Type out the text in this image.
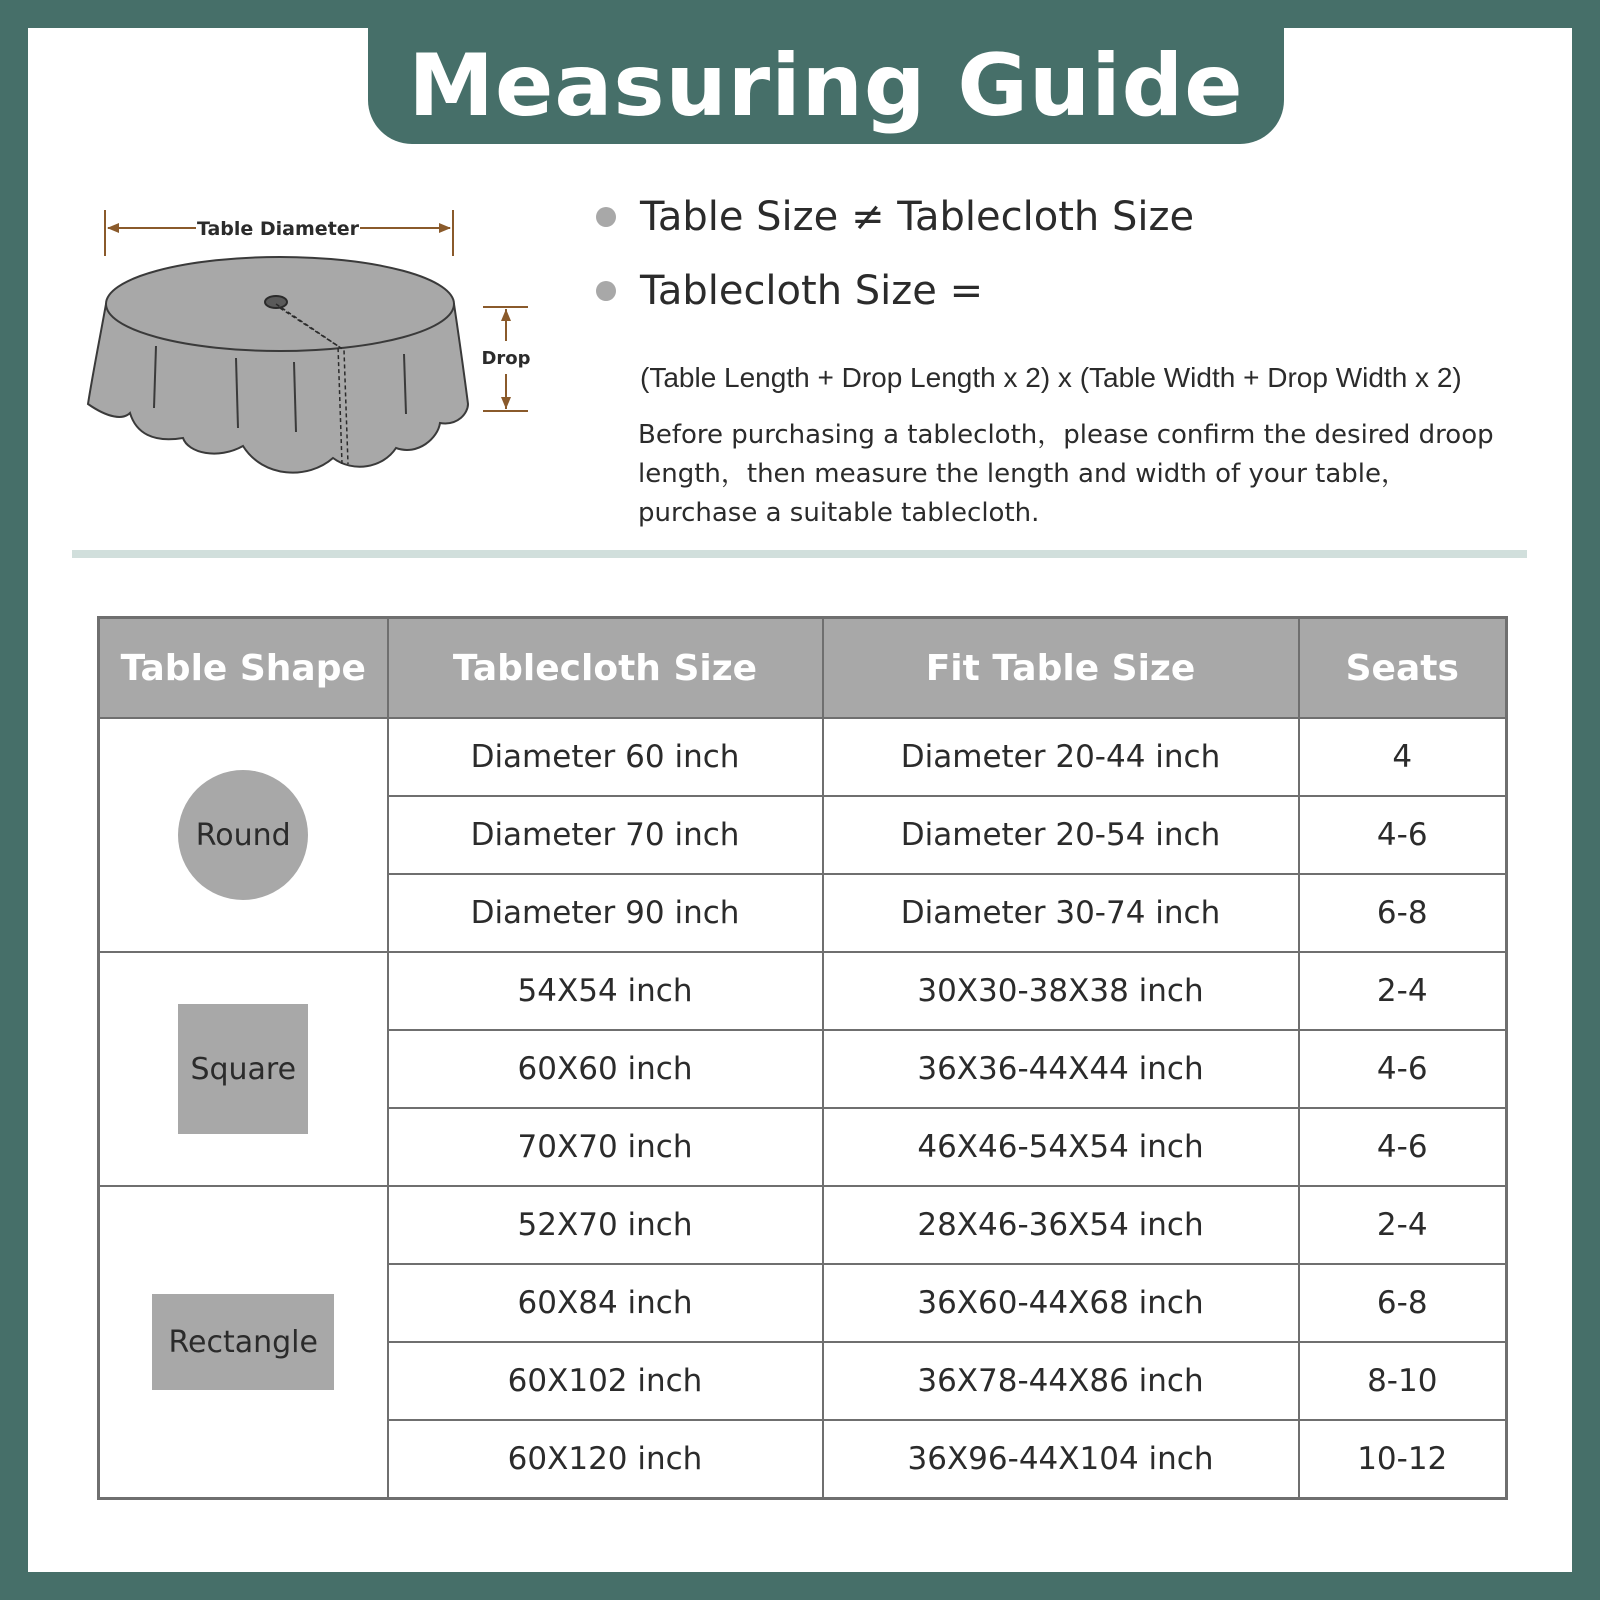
Measuring Guide
Table Diameter
Drop
Table Size ≠ Tablecloth Size
Tablecloth Size =
(Table Length + Drop Length x 2) x (Table Width + Drop Width x 2)

Before purchasing a tablecloth，please confirm the desired droop
length，then measure the length and width of your table，
purchase a suitable tablecloth.

Table Shape	Tablecloth Size	Fit Table Size	Seats

Round	Diameter 60 inch	Diameter 20-44 inch	4
	Diameter 70 inch	Diameter 20-54 inch	4-6
	Diameter 90 inch	Diameter 30-74 inch	6-8

Square	54X54 inch	30X30-38X38 inch	2-4
	60X60 inch	36X36-44X44 inch	4-6
	70X70 inch	46X46-54X54 inch	4-6

Rectangle	52X70 inch	28X46-36X54 inch	2-4
	60X84 inch	36X60-44X68 inch	6-8
	60X102 inch	36X78-44X86 inch	8-10
	60X120 inch	36X96-44X104 inch	10-12
